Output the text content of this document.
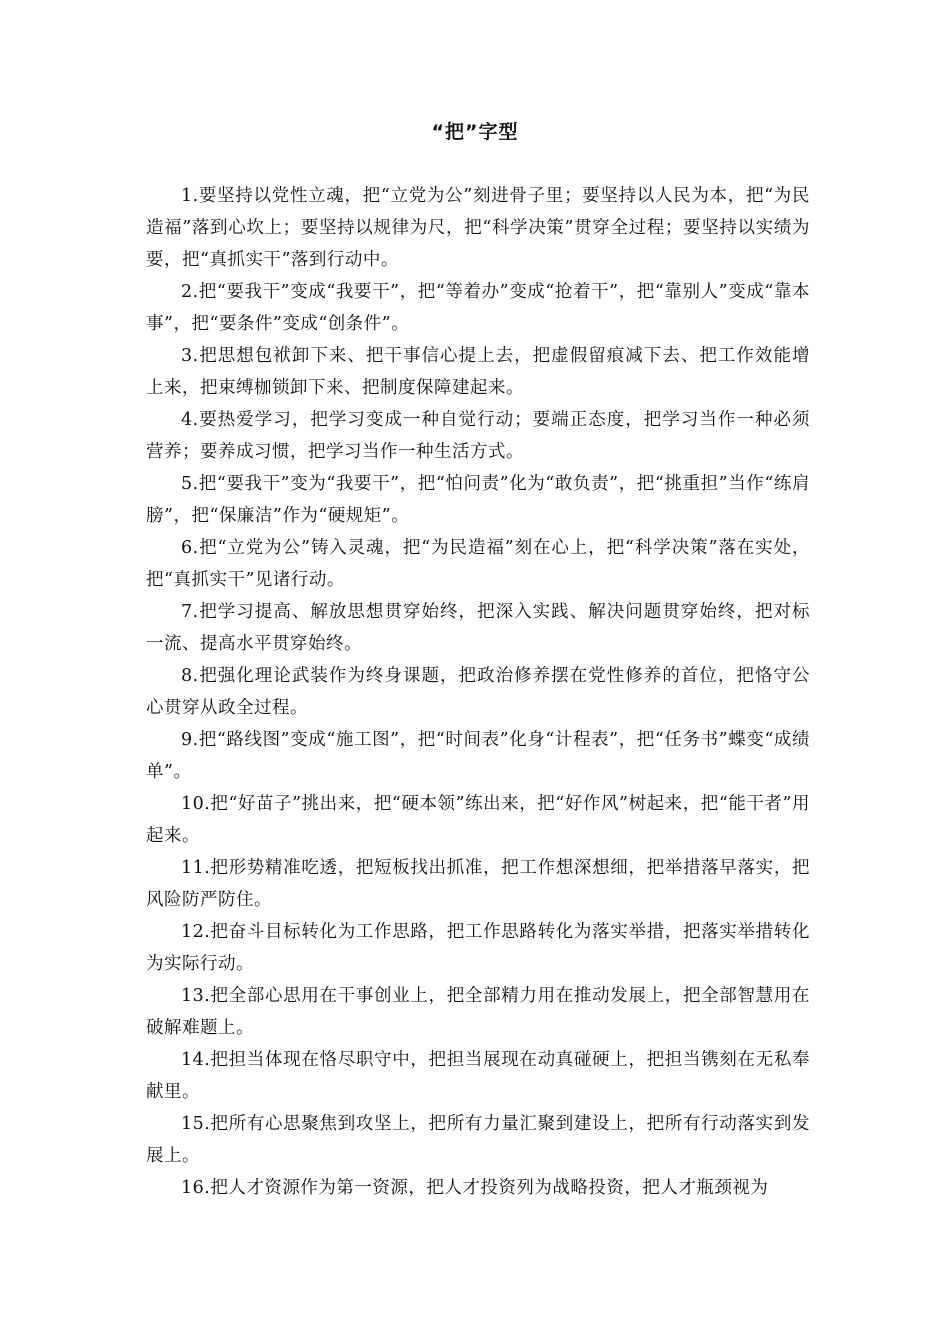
“把”字型

1.要坚持以党性立魂，把“立党为公”刻进骨子里；要坚持以人民为本，把“为民造福”落到心坎上；要坚持以规律为尺，把“科学决策”贯穿全过程；要坚持以实绩为要，把“真抓实干”落到行动中。

2.把“要我干”变成“我要干”，把“等着办”变成“抢着干”，把“靠别人”变成“靠本事”，把“要条件”变成“创条件”。

3.把思想包袱卸下来、把干事信心提上去，把虚假留痕减下去、把工作效能增上来，把束缚枷锁卸下来、把制度保障建起来。

4.要热爱学习，把学习变成一种自觉行动；要端正态度，把学习当作一种必须营养；要养成习惯，把学习当作一种生活方式。

5.把“要我干”变为“我要干”，把“怕问责”化为“敢负责”，把“挑重担”当作“练肩膀”，把“保廉洁”作为“硬规矩”。

6.把“立党为公”铸入灵魂，把“为民造福”刻在心上，把“科学决策”落在实处，把“真抓实干”见诸行动。

7.把学习提高、解放思想贯穿始终，把深入实践、解决问题贯穿始终，把对标一流、提高水平贯穿始终。

8.把强化理论武装作为终身课题，把政治修养摆在党性修养的首位，把恪守公心贯穿从政全过程。

9.把“路线图”变成“施工图”，把“时间表”化身“计程表”，把“任务书”蝶变“成绩单”。

10.把“好苗子”挑出来，把“硬本领”练出来，把“好作风”树起来，把“能干者”用起来。

11.把形势精准吃透，把短板找出抓准，把工作想深想细，把举措落早落实，把风险防严防住。

12.把奋斗目标转化为工作思路，把工作思路转化为落实举措，把落实举措转化为实际行动。

13.把全部心思用在干事创业上，把全部精力用在推动发展上，把全部智慧用在破解难题上。

14.把担当体现在恪尽职守中，把担当展现在动真碰硬上，把担当镌刻在无私奉献里。

15.把所有心思聚焦到攻坚上，把所有力量汇聚到建设上，把所有行动落实到发展上。

16.把人才资源作为第一资源，把人才投资列为战略投资，把人才瓶颈视为
